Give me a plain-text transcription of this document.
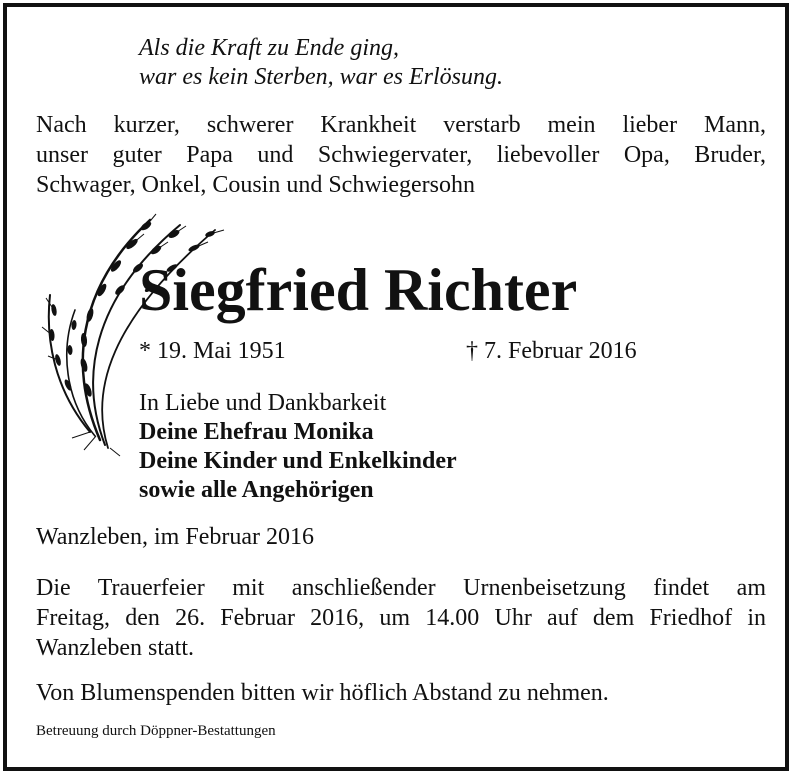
Als die Kraft zu Ende ging,
war es kein Sterben, war es Erlösung.
Nach kurzer, schwerer Krankheit verstarb mein lieber Mann,
unser guter Papa und Schwiegervater, liebevoller Opa, Bruder,
Schwager, Onkel, Cousin und Schwiegersohn
Siegfried Richter
* 19. Mai 1951	† 7. Februar 2016
In Liebe und Dankbarkeit
Deine Ehefrau Monika
Deine Kinder und Enkelkinder
sowie alle Angehörigen
Wanzleben, im Februar 2016
Die Trauerfeier mit anschließender Urnenbeisetzung findet am
Freitag, den 26. Februar 2016, um 14.00 Uhr auf dem Friedhof in
Wanzleben statt.
Von Blumenspenden bitten wir höflich Abstand zu nehmen.
Betreuung durch Döppner-Bestattungen
